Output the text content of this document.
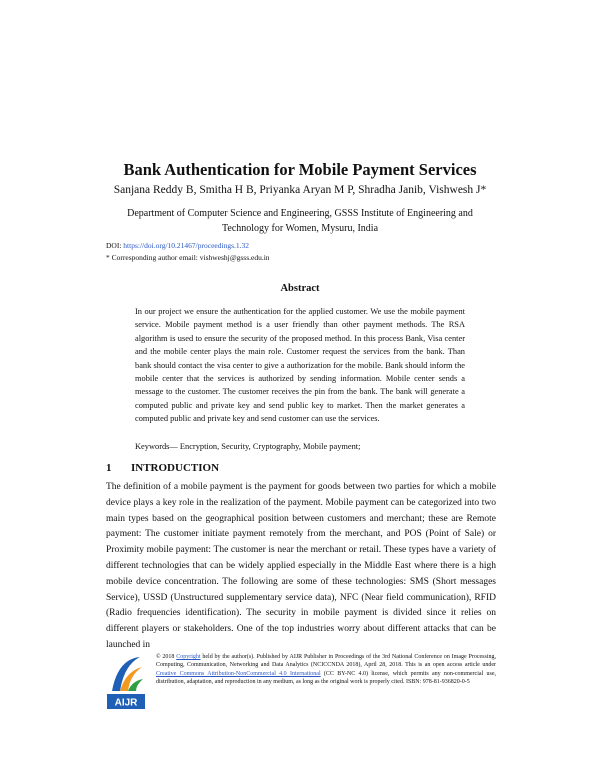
Bank Authentication for Mobile Payment Services
Sanjana Reddy B, Smitha H B, Priyanka Aryan M P, Shradha Janib, Vishwesh J*
Department of Computer Science and Engineering, GSSS Institute of Engineering and
Technology for Women, Mysuru, India
DOI: https://doi.org/10.21467/proceedings.1.32
* Corresponding author email: vishweshj@gsss.edu.in
Abstract

In our project we ensure the authentication for the applied customer. We use the mobile payment service. Mobile payment method is a user friendly than other payment methods. The RSA algorithm is used to ensure the security of the proposed method. In this process Bank, Visa center and the mobile center plays the main role. Customer request the services from the bank. Than bank should contact the visa center to give a authorization for the mobile. Bank should inform the mobile center that the services is authorized by sending information. Mobile center sends a message to the customer. The customer receives the pin from the bank. The bank will generate a computed public and private key and send public key to market. Then the market generates a computed public and private key and send customer can use the services.

Keywords— Encryption, Security, Cryptography, Mobile payment;
1 INTRODUCTION

The definition of a mobile payment is the payment for goods between two parties for which a mobile device plays a key role in the realization of the payment. Mobile payment can be categorized into two main types based on the geographical position between customers and merchant; these are Remote payment: The customer initiate payment remotely from the merchant, and POS (Point of Sale) or Proximity mobile payment: The customer is near the merchant or retail. These types have a variety of different technologies that can be widely applied especially in the Middle East where there is a high mobile device concentration. The following are some of these technologies: SMS (Short messages Service), USSD (Unstructured supplementary service data), NFC (Near field communication), RFID (Radio frequencies identification). The security in mobile payment is divided since it relies on different players or stakeholders. One of the top industries worry about different attacks that can be launched in

AIJR

© 2018 Copyright held by the author(s). Published by AIJR Publisher in Proceedings of the 3rd National Conference on Image Processing, Computing, Communication, Networking and Data Analytics (NCICCNDA 2018), April 28, 2018. This is an open access article under Creative Commons Attribution-NonCommercial 4.0 International (CC BY-NC 4.0) license, which permits any non-commercial use, distribution, adaptation, and reproduction in any medium, as long as the original work is properly cited. ISBN: 978-81-936820-0-5
